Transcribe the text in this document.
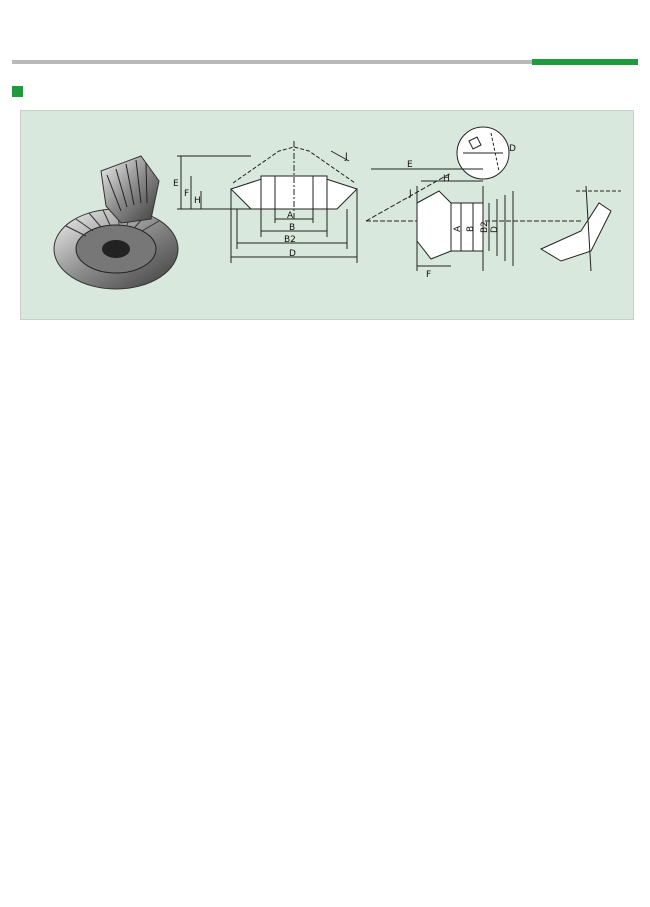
A
B
B2
D
E
F
H
J
E
H
J
F
A B B2 D
D
